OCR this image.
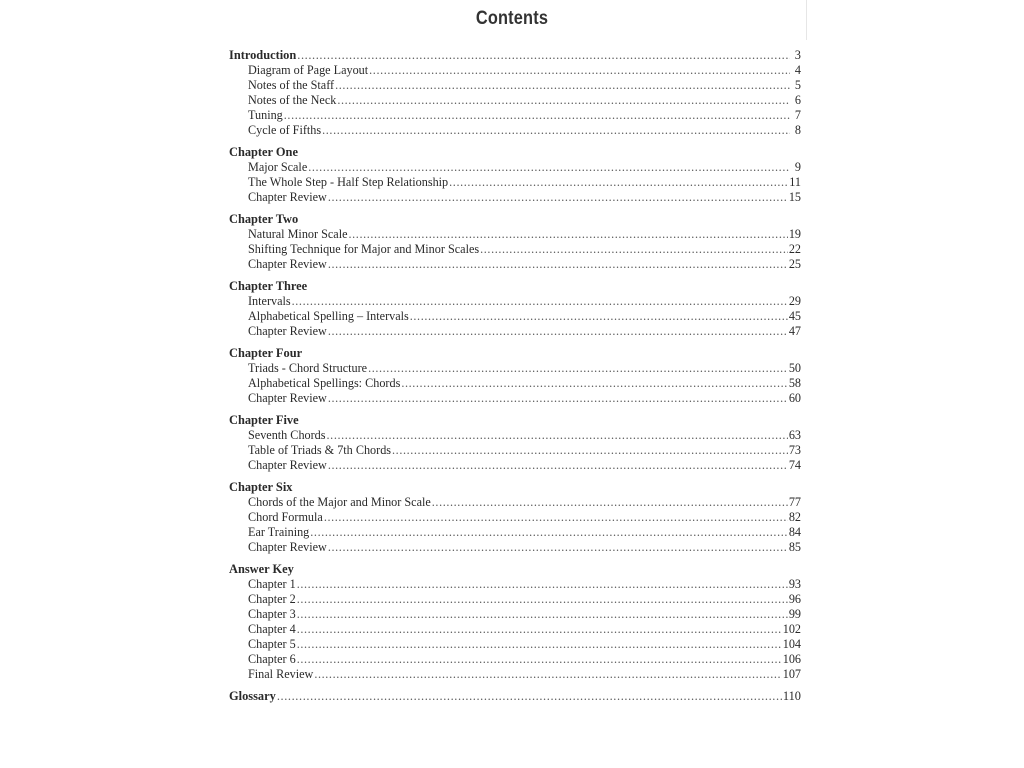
Contents
Introduction .....	3
Diagram of Page Layout .....	4
Notes of the Staff .....	5
Notes of the Neck .....	6
Tuning .....	7
Cycle of Fifths .....	8
Chapter One
Major Scale .....	9
The Whole Step - Half Step Relationship .....	11
Chapter Review .....	15
Chapter Two
Natural Minor Scale .....	19
Shifting Technique for Major and Minor Scales .....	22
Chapter Review .....	25
Chapter Three
Intervals .....	29
Alphabetical Spelling – Intervals .....	45
Chapter Review .....	47
Chapter Four
Triads - Chord Structure .....	50
Alphabetical Spellings: Chords .....	58
Chapter Review .....	60
Chapter Five
Seventh Chords .....	63
Table of Triads & 7th Chords .....	73
Chapter Review .....	74
Chapter Six
Chords of the Major and Minor Scale .....	77
Chord Formula .....	82
Ear Training .....	84
Chapter Review .....	85
Answer Key
Chapter 1 .....	93
Chapter 2 .....	96
Chapter 3 .....	99
Chapter 4 .....	102
Chapter 5 .....	104
Chapter 6 .....	106
Final Review .....	107
Glossary .....	110
